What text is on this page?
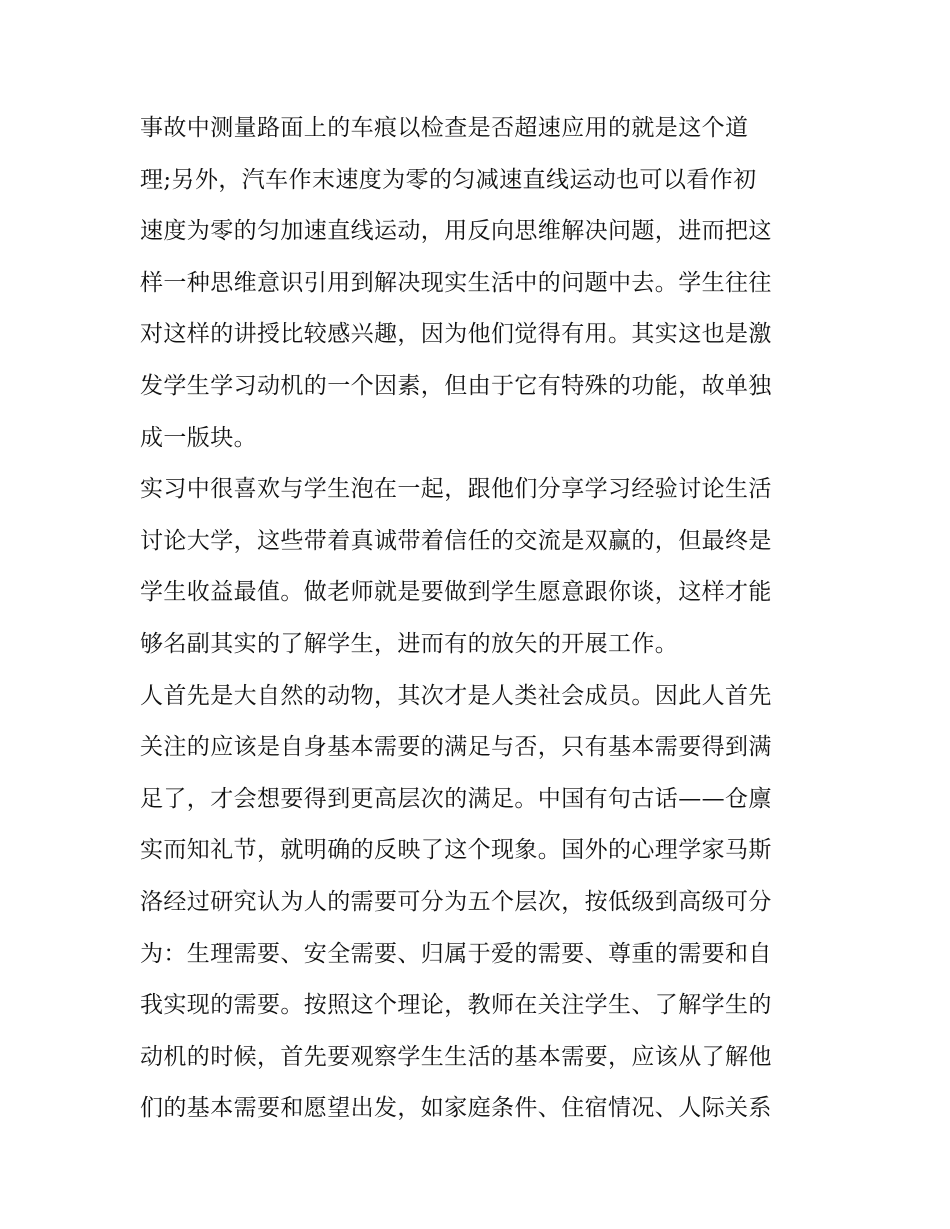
事故中测量路面上的车痕以检查是否超速应用的就是这个道
理;另外，汽车作末速度为零的匀减速直线运动也可以看作初
速度为零的匀加速直线运动，用反向思维解决问题，进而把这
样一种思维意识引用到解决现实生活中的问题中去。学生往往
对这样的讲授比较感兴趣，因为他们觉得有用。其实这也是激
发学生学习动机的一个因素，但由于它有特殊的功能，故单独
成一版块。
实习中很喜欢与学生泡在一起，跟他们分享学习经验讨论生活
讨论大学，这些带着真诚带着信任的交流是双赢的，但最终是
学生收益最值。做老师就是要做到学生愿意跟你谈，这样才能
够名副其实的了解学生，进而有的放矢的开展工作。
人首先是大自然的动物，其次才是人类社会成员。因此人首先
关注的应该是自身基本需要的满足与否，只有基本需要得到满
足了，才会想要得到更高层次的满足。中国有句古话——仓廪
实而知礼节，就明确的反映了这个现象。国外的心理学家马斯
洛经过研究认为人的需要可分为五个层次，按低级到高级可分
为：生理需要、安全需要、归属于爱的需要、尊重的需要和自
我实现的需要。按照这个理论，教师在关注学生、了解学生的
动机的时候，首先要观察学生生活的基本需要，应该从了解他
们的基本需要和愿望出发，如家庭条件、住宿情况、人际关系
